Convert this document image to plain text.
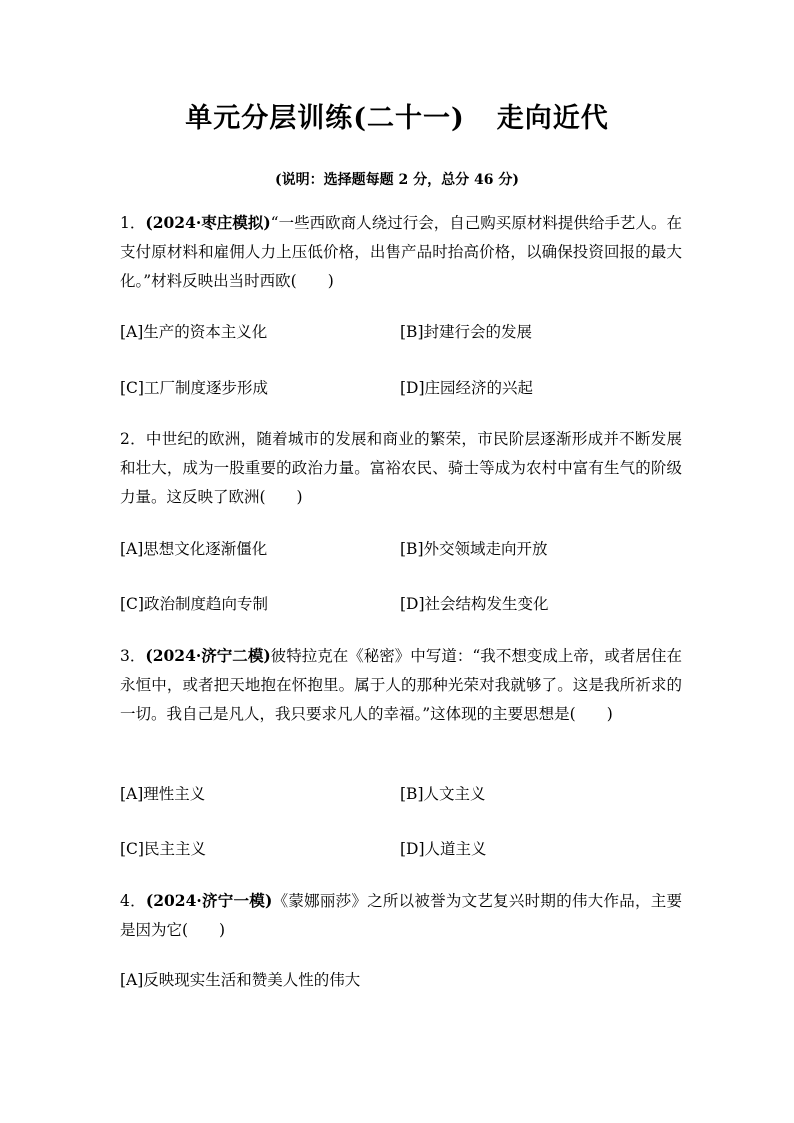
单元分层训练(二十一) 走向近代
(说明：选择题每题 2 分，总分 46 分)
1．(2024·枣庄模拟)“一些西欧商人绕过行会，自己购买原材料提供给手艺人。在支付原材料和雇佣人力上压低价格，出售产品时抬高价格，以确保投资回报的最大化。”材料反映出当时西欧(　　)
[A]生产的资本主义化	[B]封建行会的发展
[C]工厂制度逐步形成	[D]庄园经济的兴起
2．中世纪的欧洲，随着城市的发展和商业的繁荣，市民阶层逐渐形成并不断发展和壮大，成为一股重要的政治力量。富裕农民、骑士等成为农村中富有生气的阶级力量。这反映了欧洲(　　)
[A]思想文化逐渐僵化	[B]外交领域走向开放
[C]政治制度趋向专制	[D]社会结构发生变化
3．(2024·济宁二模)彼特拉克在《秘密》中写道：“我不想变成上帝，或者居住在永恒中，或者把天地抱在怀抱里。属于人的那种光荣对我就够了。这是我所祈求的一切。我自己是凡人，我只要求凡人的幸福。”这体现的主要思想是(　　)
[A]理性主义	[B]人文主义
[C]民主主义	[D]人道主义
4．(2024·济宁一模)《蒙娜丽莎》之所以被誉为文艺复兴时期的伟大作品，主要是因为它(　　)
[A]反映现实生活和赞美人性的伟大
